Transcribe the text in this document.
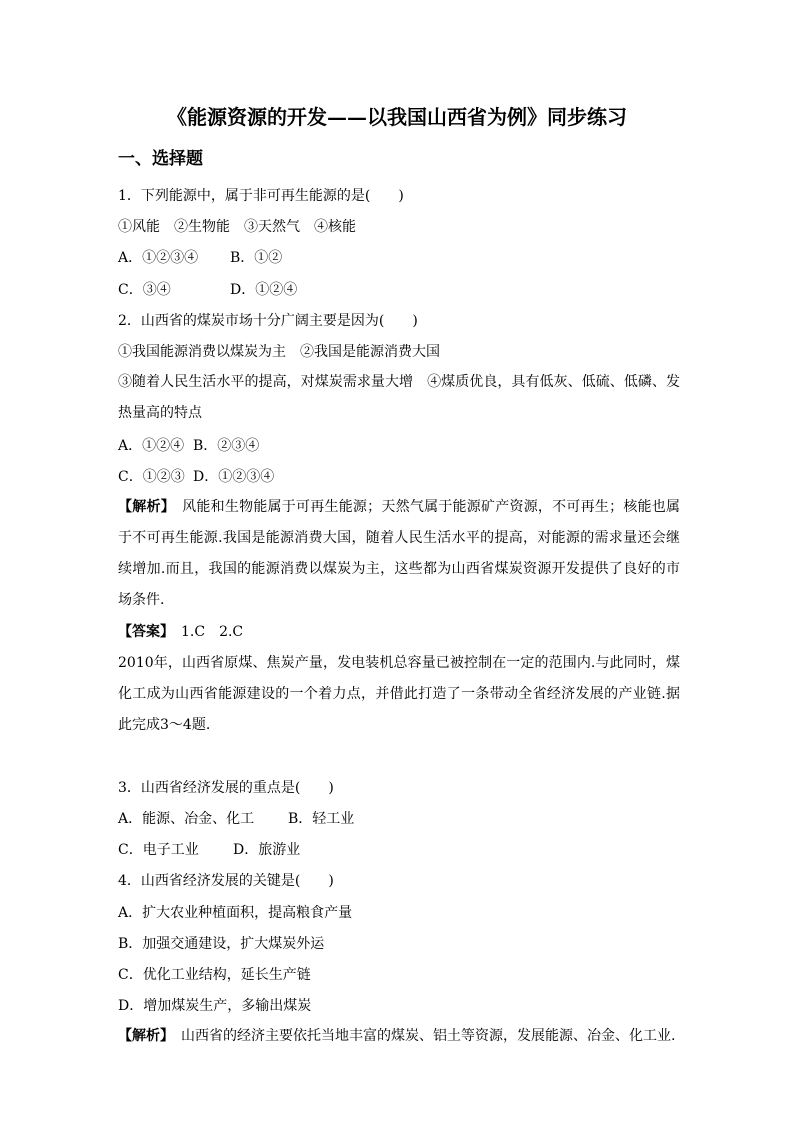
《能源资源的开发——以我国山西省为例》同步练习
一、选择题
1．下列能源中，属于非可再生能源的是(　　)
①风能　②生物能　③天然气　④核能
A．①②③④ B．①②
C．③④	D．①②④
2．山西省的煤炭市场十分广阔主要是因为(　　)
①我国能源消费以煤炭为主　②我国是能源消费大国
③随着人民生活水平的提高，对煤炭需求量大增　④煤质优良，具有低灰、低硫、低磷、发热量高的特点
A．①②④ B．②③④
C．①②③ D．①②③④
【解析】　风能和生物能属于可再生能源；天然气属于能源矿产资源，不可再生；核能也属于不可再生能源.我国是能源消费大国，随着人民生活水平的提高，对能源的需求量还会继续增加.而且，我国的能源消费以煤炭为主，这些都为山西省煤炭资源开发提供了良好的市场条件.
【答案】　1.C　2.C
2010年，山西省原煤、焦炭产量，发电装机总容量已被控制在一定的范围内.与此同时，煤化工成为山西省能源建设的一个着力点，并借此打造了一条带动全省经济发展的产业链.据此完成3～4题.
3．山西省经济发展的重点是(　　)
A．能源、冶金、化工 B．轻工业
C．电子工业 D．旅游业
4．山西省经济发展的关键是(　　)
A．扩大农业种植面积，提高粮食产量
B．加强交通建设，扩大煤炭外运
C．优化工业结构，延长生产链
D．增加煤炭生产，多输出煤炭
【解析】　山西省的经济主要依托当地丰富的煤炭、铝土等资源，发展能源、冶金、化工业.
